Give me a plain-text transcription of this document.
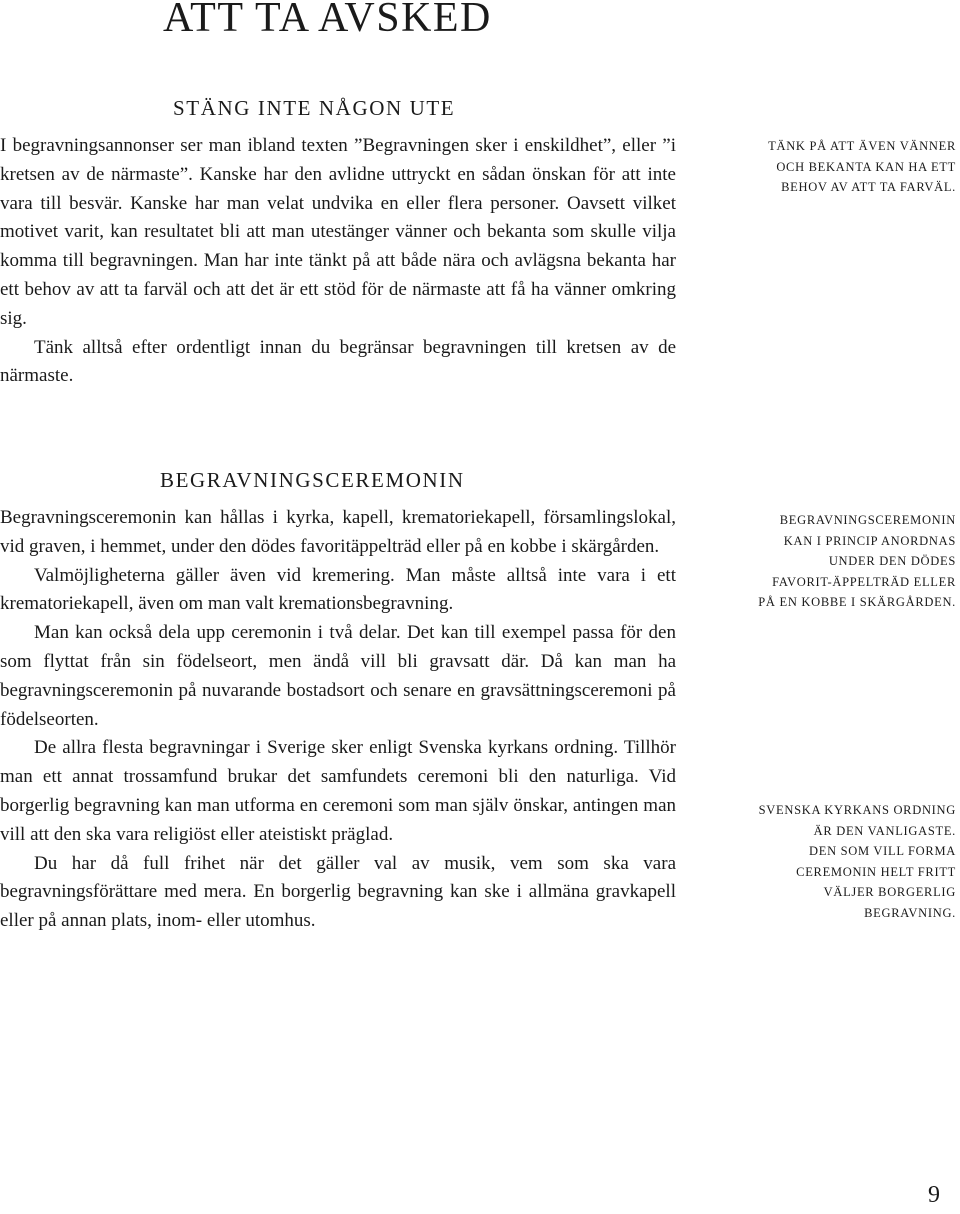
ATT TA AVSKED
STÄNG INTE NÅGON UTE

I begravningsannonser ser man ibland texten ”Begravningen sker i enskildhet”, eller ”i kretsen av de närmaste”. Kanske har den avlidne uttryckt en sådan önskan för att inte vara till besvär. Kanske har man velat undvika en eller flera personer. Oavsett vilket motivet varit, kan resultatet bli att man utestänger vänner och bekanta som skulle vilja komma till begravningen. Man har inte tänkt på att både nära och avlägsna bekanta har ett behov av att ta farväl och att det är ett stöd för de närmaste att få ha vänner omkring sig.

Tänk alltså efter ordentligt innan du begränsar begravningen till kretsen av de närmaste.

TÄNK PÅ ATT ÄVEN VÄNNER
OCH BEKANTA KAN HA ETT
BEHOV AV ATT TA FARVÄL.

BEGRAVNINGSCEREMONIN

Begravningsceremonin kan hållas i kyrka, kapell, krematoriekapell, församlingslokal, vid graven, i hemmet, under den dödes favoritäppelträd eller på en kobbe i skärgården.

Valmöjligheterna gäller även vid kremering. Man måste alltså inte vara i ett krematoriekapell, även om man valt kremationsbegravning.

Man kan också dela upp ceremonin i två delar. Det kan till exempel passa för den som flyttat från sin födelseort, men ändå vill bli gravsatt där. Då kan man ha begravningsceremonin på nuvarande bostadsort och senare en gravsättningsceremoni på födelseorten.

De allra flesta begravningar i Sverige sker enligt Svenska kyrkans ordning. Tillhör man ett annat trossamfund brukar det samfundets ceremoni bli den naturliga. Vid borgerlig begravning kan man utforma en ceremoni som man själv önskar, antingen man vill att den ska vara religiöst eller ateistiskt präglad.

Du har då full frihet när det gäller val av musik, vem som ska vara begravningsförättare med mera. En borgerlig begravning kan ske i allmäna gravkapell eller på annan plats, inom- eller utomhus.

BEGRAVNINGSCEREMONIN
KAN I PRINCIP ANORDNAS
UNDER DEN DÖDES
FAVORIT-ÄPPELTRÄD ELLER
PÅ EN KOBBE I SKÄRGÅRDEN.

SVENSKA KYRKANS ORDNING
ÄR DEN VANLIGASTE.
DEN SOM VILL FORMA
CEREMONIN HELT FRITT
VÄLJER BORGERLIG
BEGRAVNING.

9
